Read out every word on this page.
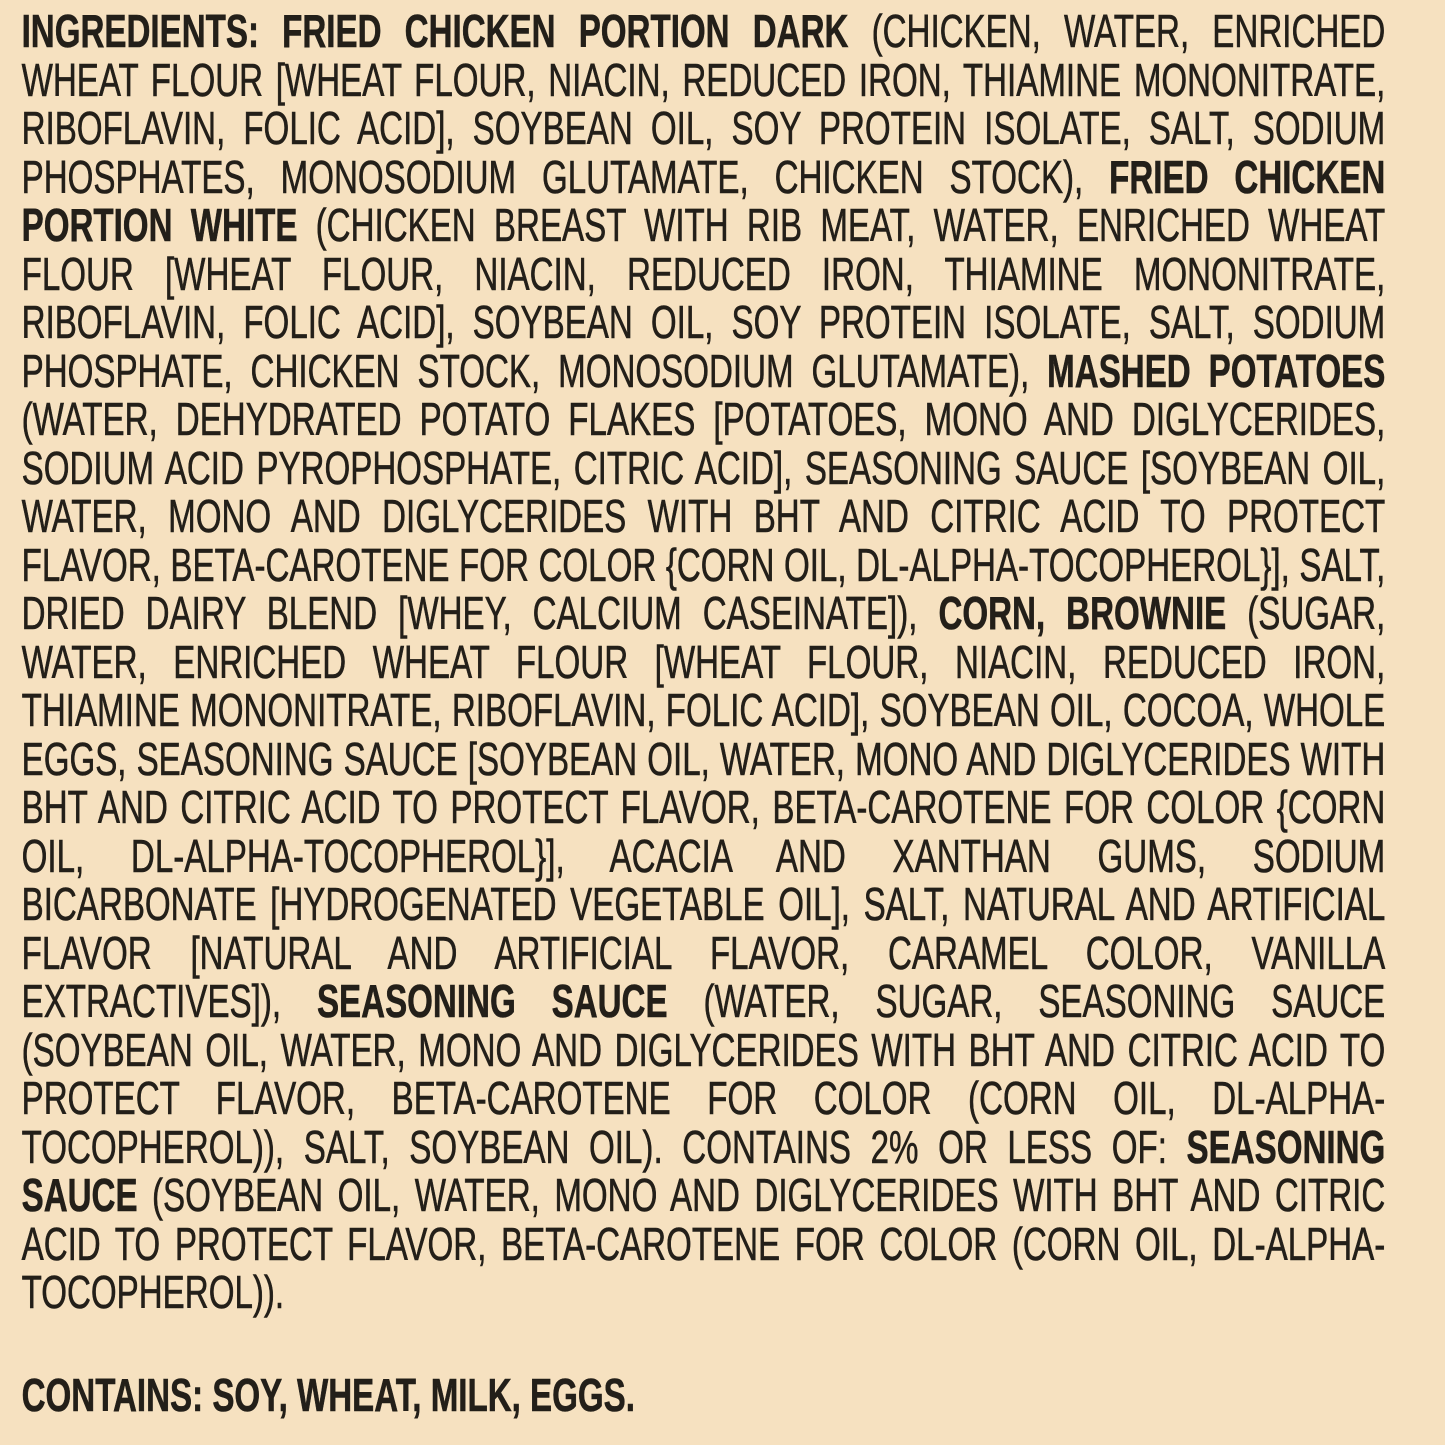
INGREDIENTS: FRIED CHICKEN PORTION DARK (CHICKEN, WATER, ENRICHED WHEAT FLOUR [WHEAT FLOUR, NIACIN, REDUCED IRON, THIAMINE MONONITRATE, RIBOFLAVIN, FOLIC ACID], SOYBEAN OIL, SOY PROTEIN ISOLATE, SALT, SODIUM PHOSPHATES, MONOSODIUM GLUTAMATE, CHICKEN STOCK), FRIED CHICKEN PORTION WHITE (CHICKEN BREAST WITH RIB MEAT, WATER, ENRICHED WHEAT FLOUR [WHEAT FLOUR, NIACIN, REDUCED IRON, THIAMINE MONONITRATE, RIBOFLAVIN, FOLIC ACID], SOYBEAN OIL, SOY PROTEIN ISOLATE, SALT, SODIUM PHOSPHATE, CHICKEN STOCK, MONOSODIUM GLUTAMATE), MASHED POTATOES (WATER, DEHYDRATED POTATO FLAKES [POTATOES, MONO AND DIGLYCERIDES, SODIUM ACID PYROPHOSPHATE, CITRIC ACID], SEASONING SAUCE [SOYBEAN OIL, WATER, MONO AND DIGLYCERIDES WITH BHT AND CITRIC ACID TO PROTECT FLAVOR, BETA-CAROTENE FOR COLOR {CORN OIL, DL-ALPHA-TOCOPHEROL}], SALT, DRIED DAIRY BLEND [WHEY, CALCIUM CASEINATE]), CORN, BROWNIE (SUGAR, WATER, ENRICHED WHEAT FLOUR [WHEAT FLOUR, NIACIN, REDUCED IRON, THIAMINE MONONITRATE, RIBOFLAVIN, FOLIC ACID], SOYBEAN OIL, COCOA, WHOLE EGGS, SEASONING SAUCE [SOYBEAN OIL, WATER, MONO AND DIGLYCERIDES WITH BHT AND CITRIC ACID TO PROTECT FLAVOR, BETA-CAROTENE FOR COLOR {CORN OIL, DL-ALPHA-TOCOPHEROL}], ACACIA AND XANTHAN GUMS, SODIUM BICARBONATE [HYDROGENATED VEGETABLE OIL], SALT, NATURAL AND ARTIFICIAL FLAVOR [NATURAL AND ARTIFICIAL FLAVOR, CARAMEL COLOR, VANILLA EXTRACTIVES]), SEASONING SAUCE (WATER, SUGAR, SEASONING SAUCE (SOYBEAN OIL, WATER, MONO AND DIGLYCERIDES WITH BHT AND CITRIC ACID TO PROTECT FLAVOR, BETA-CAROTENE FOR COLOR (CORN OIL, DL-ALPHA-TOCOPHEROL)), SALT, SOYBEAN OIL). CONTAINS 2% OR LESS OF: SEASONING SAUCE (SOYBEAN OIL, WATER, MONO AND DIGLYCERIDES WITH BHT AND CITRIC ACID TO PROTECT FLAVOR, BETA-CAROTENE FOR COLOR (CORN OIL, DL-ALPHA-TOCOPHEROL)).

CONTAINS: SOY, WHEAT, MILK, EGGS.
